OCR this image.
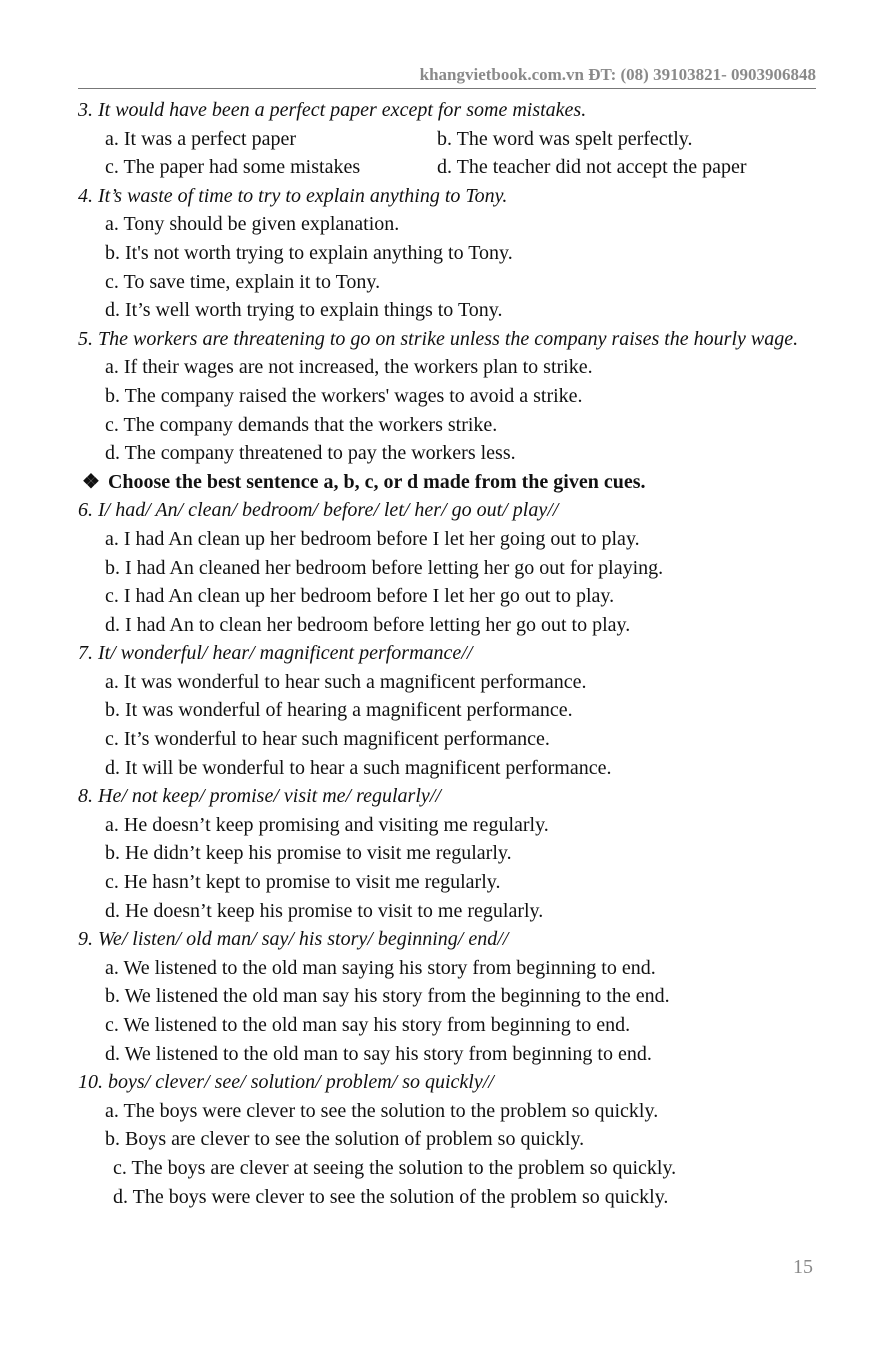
khangvietbook.com.vn ĐT: (08) 39103821- 0903906848
3. It would have been a perfect paper except for some mistakes.
a. It was a perfect paper	b. The word was spelt perfectly.
c. The paper had some mistakes	d. The teacher did not accept the paper
4. It’s waste of time to try to explain anything to Tony.
a. Tony should be given explanation.
b. It's not worth trying to explain anything to Tony.
c. To save time, explain it to Tony.
d. It’s well worth trying to explain things to Tony.
5. The workers are threatening to go on strike unless the company raises the hourly wage.
a. If their wages are not increased, the workers plan to strike.
b. The company raised the workers' wages to avoid a strike.
c. The company demands that the workers strike.
d. The company threatened to pay the workers less.
❖ Choose the best sentence a, b, c, or d made from the given cues.
6. I/ had/ An/ clean/ bedroom/ before/ let/ her/ go out/ play//
a. I had An clean up her bedroom before I let her going out to play.
b. I had An cleaned her bedroom before letting her go out for playing.
c. I had An clean up her bedroom before I let her go out to play.
d. I had An to clean her bedroom before letting her go out to play.
7. It/ wonderful/ hear/ magnificent performance//
a. It was wonderful to hear such a magnificent performance.
b. It was wonderful of hearing a magnificent performance.
c. It’s wonderful to hear such magnificent performance.
d. It will be wonderful to hear a such magnificent performance.
8. He/ not keep/ promise/ visit me/ regularly//
a. He doesn’t keep promising and visiting me regularly.
b. He didn’t keep his promise to visit me regularly.
c. He hasn’t kept to promise to visit me regularly.
d. He doesn’t keep his promise to visit to me regularly.
9. We/ listen/ old man/ say/ his story/ beginning/ end//
a. We listened to the old man saying his story from beginning to end.
b. We listened the old man say his story from the beginning to the end.
c. We listened to the old man say his story from beginning to end.
d. We listened to the old man to say his story from beginning to end.
10. boys/ clever/ see/ solution/ problem/ so quickly//
a. The boys were clever to see the solution to the problem so quickly.
b. Boys are clever to see the solution of problem so quickly.
c. The boys are clever at seeing the solution to the problem so quickly.
d. The boys were clever to see the solution of the problem so quickly.
15
